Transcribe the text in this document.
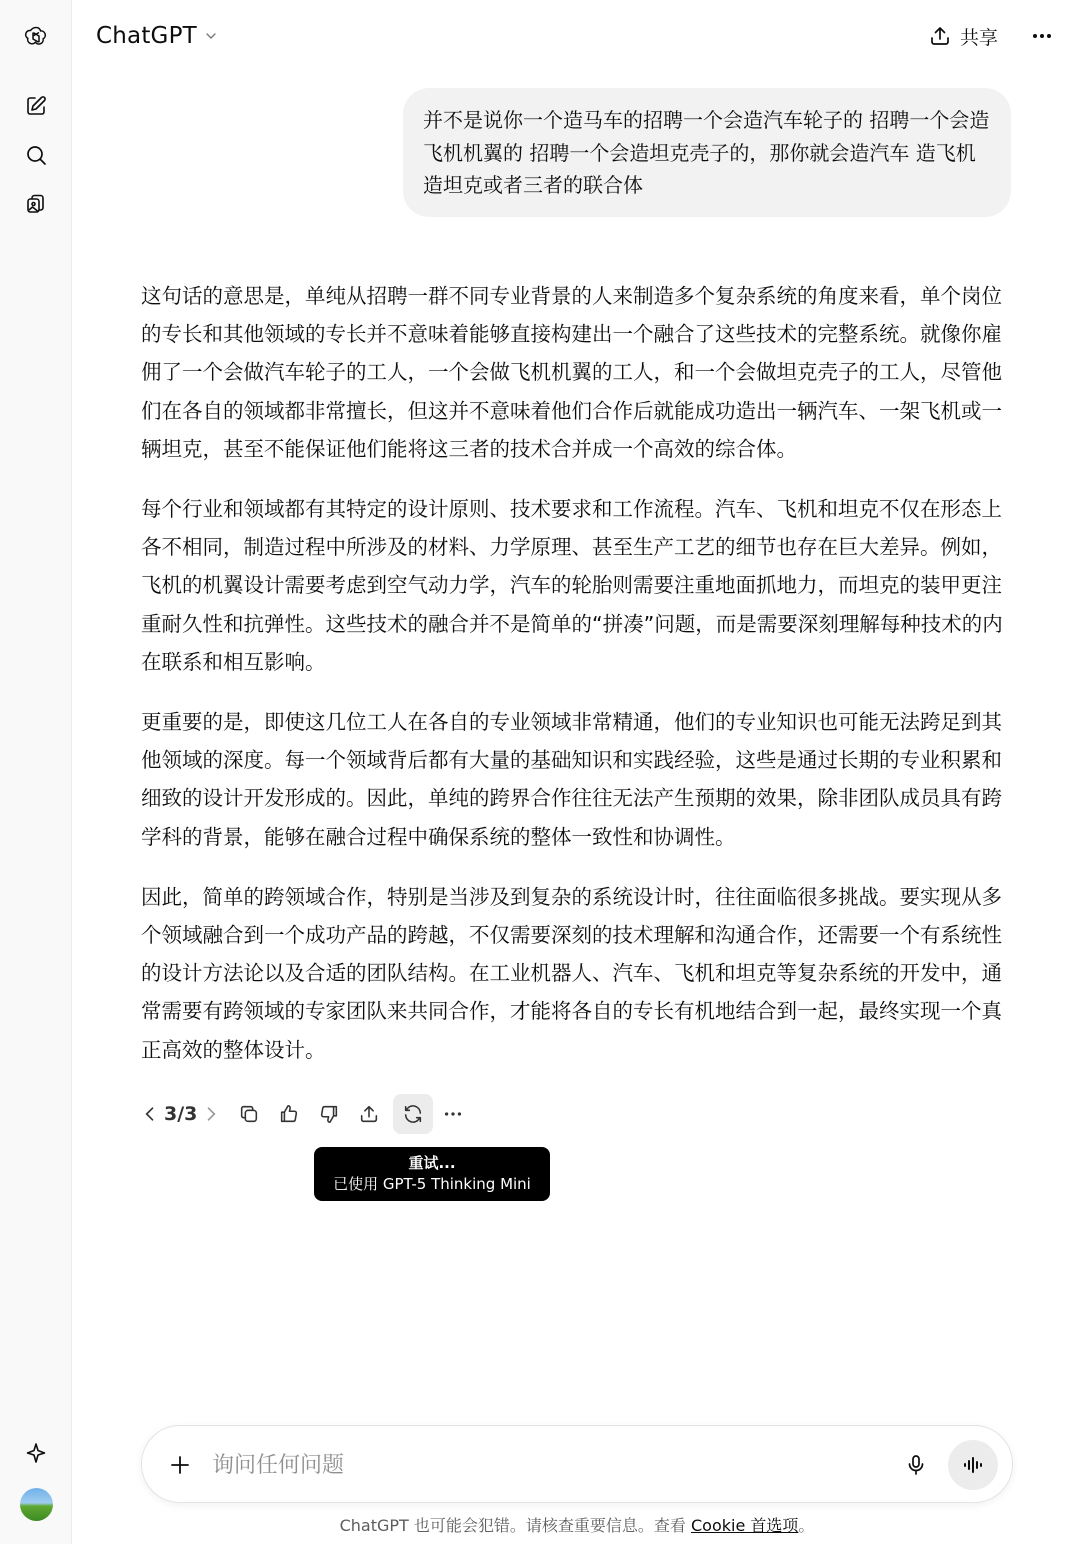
ChatGPT	共享
并不是说你一个造马车的招聘一个会造汽车轮子的 招聘一个会造飞机机翼的 招聘一个会造坦克壳子的，那你就会造汽车 造飞机 造坦克或者三者的联合体

这句话的意思是，单纯从招聘一群不同专业背景的人来制造多个复杂系统的角度来看，单个岗位的专长和其他领域的专长并不意味着能够直接构建出一个融合了这些技术的完整系统。就像你雇佣了一个会做汽车轮子的工人，一个会做飞机机翼的工人，和一个会做坦克壳子的工人，尽管他们在各自的领域都非常擅长，但这并不意味着他们合作后就能成功造出一辆汽车、一架飞机或一辆坦克，甚至不能保证他们能将这三者的技术合并成一个高效的综合体。

每个行业和领域都有其特定的设计原则、技术要求和工作流程。汽车、飞机和坦克不仅在形态上各不相同，制造过程中所涉及的材料、力学原理、甚至生产工艺的细节也存在巨大差异。例如，飞机的机翼设计需要考虑到空气动力学，汽车的轮胎则需要注重地面抓地力，而坦克的装甲更注重耐久性和抗弹性。这些技术的融合并不是简单的“拼凑”问题，而是需要深刻理解每种技术的内在联系和相互影响。

更重要的是，即使这几位工人在各自的专业领域非常精通，他们的专业知识也可能无法跨足到其他领域的深度。每一个领域背后都有大量的基础知识和实践经验，这些是通过长期的专业积累和细致的设计开发形成的。因此，单纯的跨界合作往往无法产生预期的效果，除非团队成员具有跨学科的背景，能够在融合过程中确保系统的整体一致性和协调性。

因此，简单的跨领域合作，特别是当涉及到复杂的系统设计时，往往面临很多挑战。要实现从多个领域融合到一个成功产品的跨越，不仅需要深刻的技术理解和沟通合作，还需要一个有系统性的设计方法论以及合适的团队结构。在工业机器人、汽车、飞机和坦克等复杂系统的开发中，通常需要有跨领域的专家团队来共同合作，才能将各自的专长有机地结合到一起，最终实现一个真正高效的整体设计。

3/3
重试...
已使用 GPT-5 Thinking Mini
询问任何问题
ChatGPT 也可能会犯错。请核查重要信息。查看 Cookie 首选项。
